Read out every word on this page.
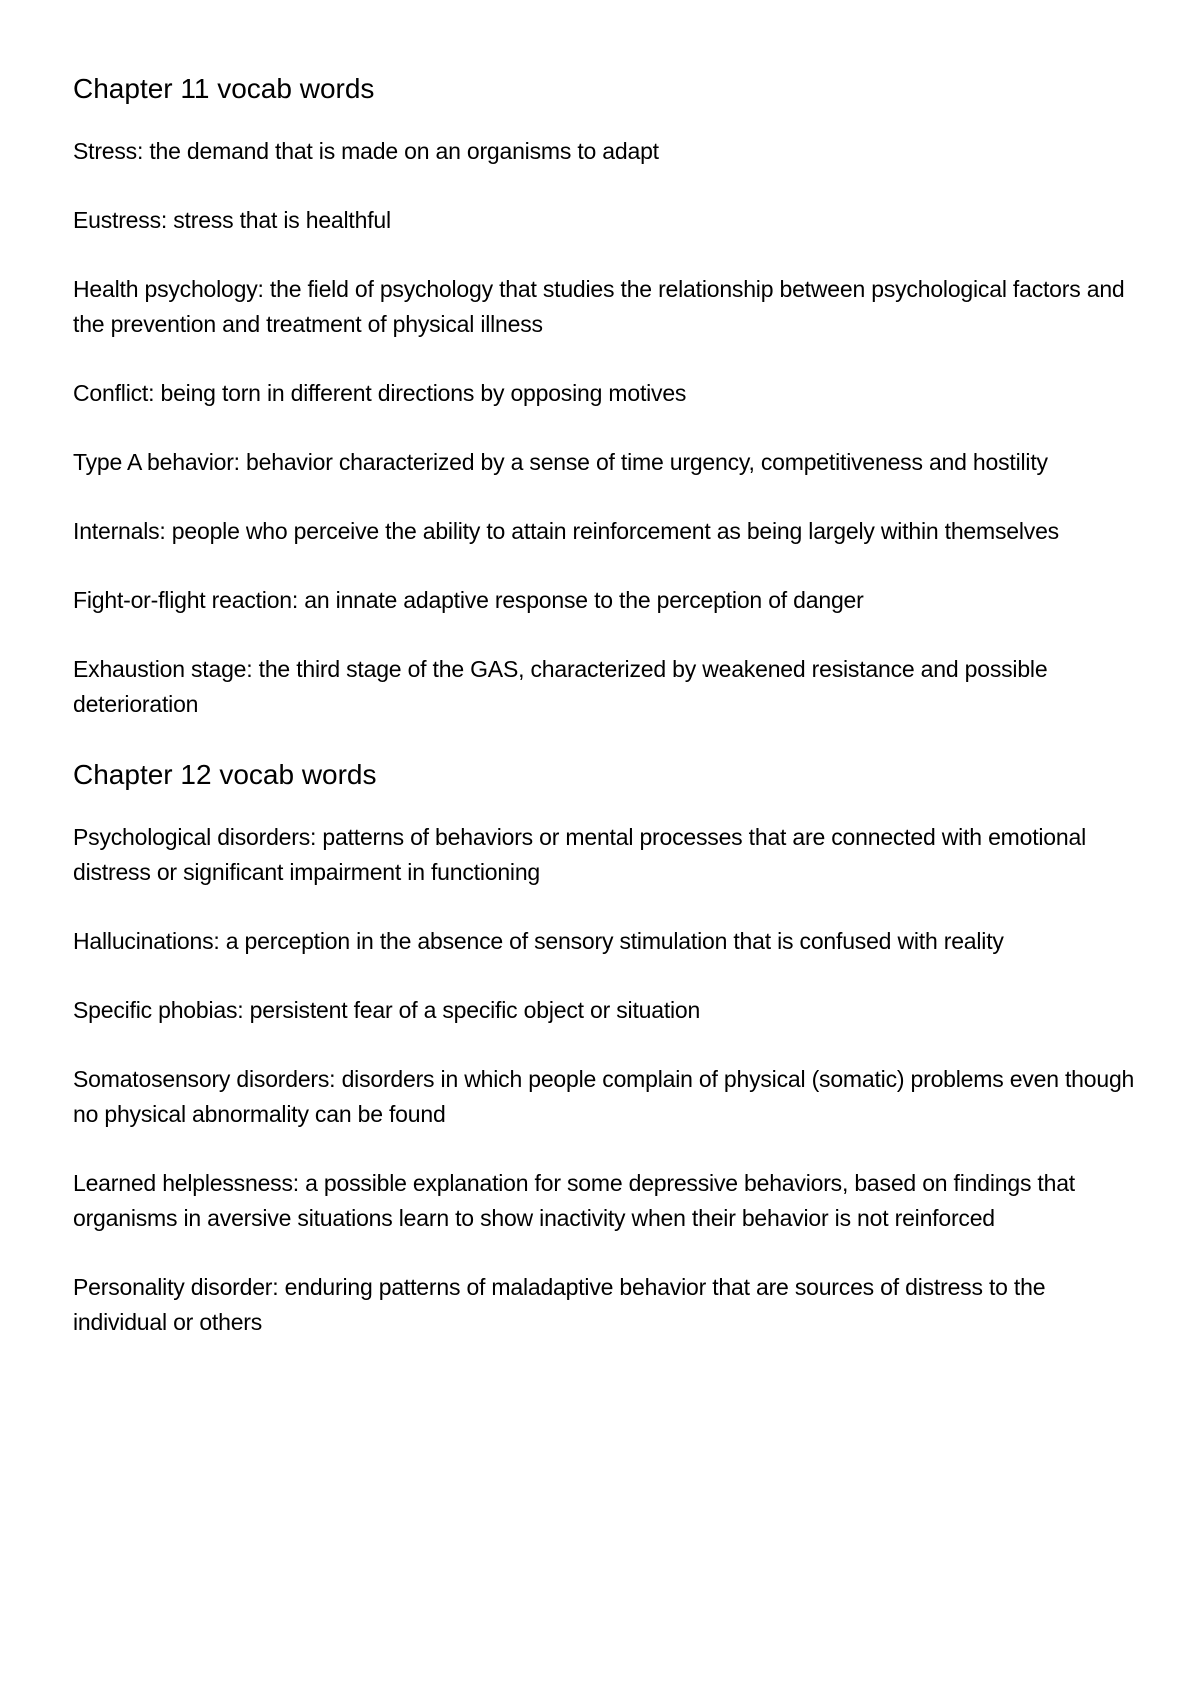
Chapter 11 vocab words

Stress: the demand that is made on an organisms to adapt

Eustress: stress that is healthful

Health psychology: the field of psychology that studies the relationship between psychological factors and the prevention and treatment of physical illness

Conflict: being torn in different directions by opposing motives

Type A behavior: behavior characterized by a sense of time urgency, competitiveness and hostility

Internals: people who perceive the ability to attain reinforcement as being largely within themselves

Fight-or-flight reaction: an innate adaptive response to the perception of danger

Exhaustion stage: the third stage of the GAS, characterized by weakened resistance and possible deterioration

Chapter 12 vocab words

Psychological disorders: patterns of behaviors or mental processes that are connected with emotional distress or significant impairment in functioning

Hallucinations: a perception in the absence of sensory stimulation that is confused with reality

Specific phobias: persistent fear of a specific object or situation

Somatosensory disorders: disorders in which people complain of physical (somatic) problems even though no physical abnormality can be found

Learned helplessness: a possible explanation for some depressive behaviors, based on findings that organisms in aversive situations learn to show inactivity when their behavior is not reinforced

Personality disorder: enduring patterns of maladaptive behavior that are sources of distress to the individual or others
